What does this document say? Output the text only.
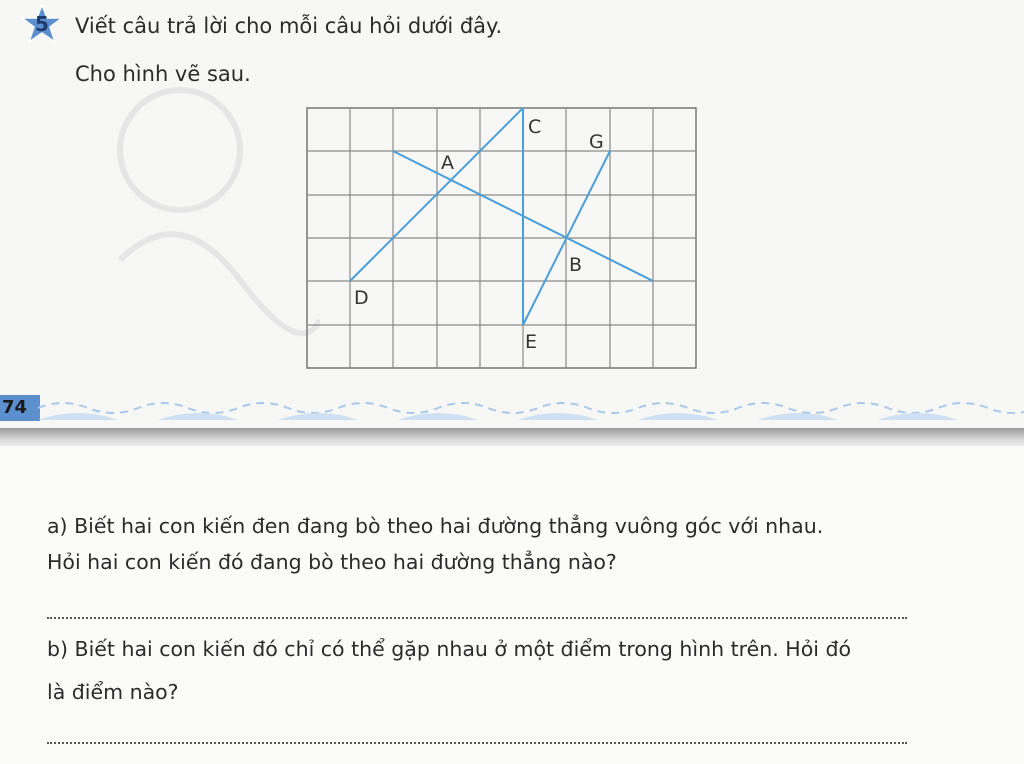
5	Viết câu trả lời cho mỗi câu hỏi dưới đây.
Cho hình vẽ sau.
C
G
A
B
D
E
74
a) Biết hai con kiến đen đang bò theo hai đường thẳng vuông góc với nhau.
Hỏi hai con kiến đó đang bò theo hai đường thẳng nào?
b) Biết hai con kiến đó chỉ có thể gặp nhau ở một điểm trong hình trên. Hỏi đó
là điểm nào?
